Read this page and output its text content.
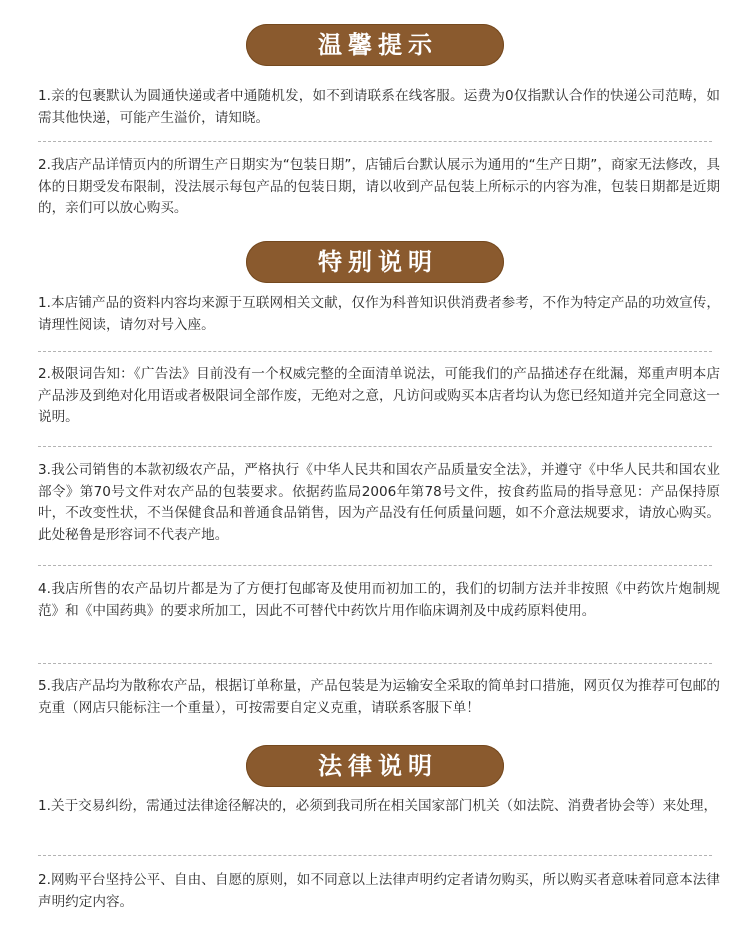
温馨提示

1.亲的包裹默认为圆通快递或者中通随机发，如不到请联系在线客服。运费为0仅指默认合作的快递公司范畴，如需其他快递，可能产生溢价，请知晓。

2.我店产品详情页内的所谓生产日期实为“包装日期”，店铺后台默认展示为通用的“生产日期”，商家无法修改，具体的日期受发布限制，没法展示每包产品的包装日期，请以收到产品包装上所标示的内容为准，包装日期都是近期的，亲们可以放心购买。

特别说明

1.本店铺产品的资料内容均来源于互联网相关文献，仅作为科普知识供消费者参考，不作为特定产品的功效宣传，请理性阅读，请勿对号入座。

2.极限词告知：《广告法》目前没有一个权威完整的全面清单说法，可能我们的产品描述存在纰漏，郑重声明本店产品涉及到绝对化用语或者极限词全部作废，无绝对之意，凡访问或购买本店者均认为您已经知道并完全同意这一说明。

3.我公司销售的本款初级农产品，严格执行《中华人民共和国农产品质量安全法》，并遵守《中华人民共和国农业部令》第70号文件对农产品的包装要求。依据药监局2006年第78号文件，按食药监局的指导意见：产品保持原叶，不改变性状，不当保健食品和普通食品销售，因为产品没有任何质量问题，如不介意法规要求，请放心购买。此处秘鲁是形容词不代表产地。

4.我店所售的农产品切片都是为了方便打包邮寄及使用而初加工的，我们的切制方法并非按照《中药饮片炮制规范》和《中国药典》的要求所加工，因此不可替代中药饮片用作临床调剂及中成药原料使用。

5.我店产品均为散称农产品，根据订单称量，产品包装是为运输安全采取的简单封口措施，网页仅为推荐可包邮的克重（网店只能标注一个重量），可按需要自定义克重，请联系客服下单！

法律说明

1.关于交易纠纷，需通过法律途径解决的，必须到我司所在相关国家部门机关（如法院、消费者协会等）来处理，

2.网购平台坚持公平、自由、自愿的原则，如不同意以上法律声明约定者请勿购买，所以购买者意味着同意本法律声明约定内容。
